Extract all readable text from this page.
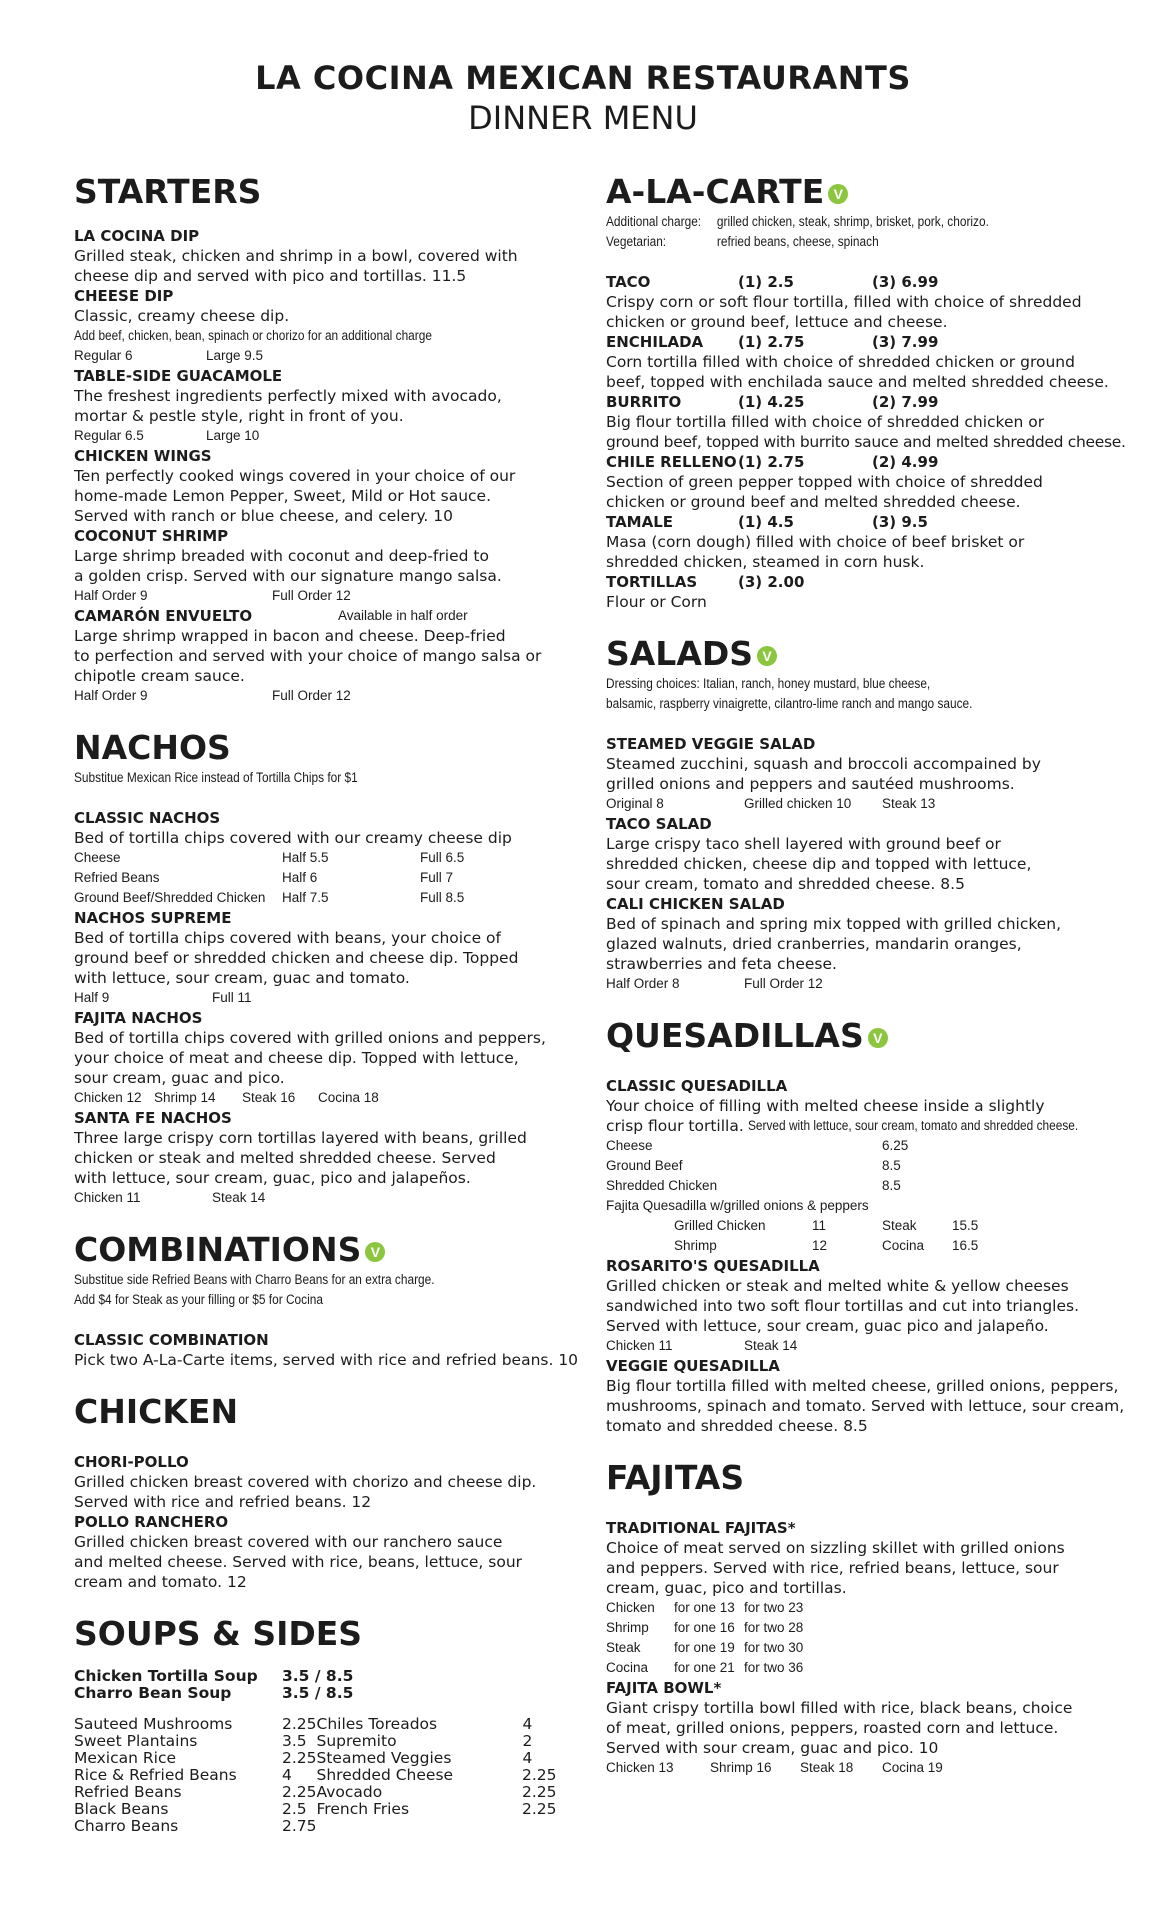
LA COCINA MEXICAN RESTAURANTS
DINNER MENU
STARTERS
LA COCINA DIP
Grilled steak, chicken and shrimp in a bowl, covered with
cheese dip and served with pico and tortillas. 11.5
CHEESE DIP
Classic, creamy cheese dip.
Add beef, chicken, bean, spinach or chorizo for an additional charge
Regular 6	Large 9.5
TABLE-SIDE GUACAMOLE
The freshest ingredients perfectly mixed with avocado,
mortar & pestle style, right in front of you.
Regular 6.5	Large 10
CHICKEN WINGS
Ten perfectly cooked wings covered in your choice of our
home-made Lemon Pepper, Sweet, Mild or Hot sauce.
Served with ranch or blue cheese, and celery. 10
COCONUT SHRIMP
Large shrimp breaded with coconut and deep-fried to
a golden crisp. Served with our signature mango salsa.
Half Order 9	Full Order 12
CAMARÓN ENVUELTO	Available in half order
Large shrimp wrapped in bacon and cheese. Deep-fried
to perfection and served with your choice of mango salsa or
chipotle cream sauce.
Half Order 9	Full Order 12
NACHOS
Substitue Mexican Rice instead of Tortilla Chips for $1
CLASSIC NACHOS
Bed of tortilla chips covered with our creamy cheese dip
Cheese	Half 5.5	Full 6.5
Refried Beans	Half 6	Full 7
Ground Beef/Shredded Chicken	Half 7.5	Full 8.5
NACHOS SUPREME
Bed of tortilla chips covered with beans, your choice of
ground beef or shredded chicken and cheese dip. Topped
with lettuce, sour cream, guac and tomato.
Half 9	Full 11
FAJITA NACHOS
Bed of tortilla chips covered with grilled onions and peppers,
your choice of meat and cheese dip. Topped with lettuce,
sour cream, guac and pico.
Chicken 12 Shrimp 14	Steak 16	Cocina 18
SANTA FE NACHOS
Three large crispy corn tortillas layered with beans, grilled
chicken or steak and melted shredded cheese. Served
with lettuce, sour cream, guac, pico and jalapeños.
Chicken 11	Steak 14
COMBINATIONS V
Substitue side Refried Beans with Charro Beans for an extra charge.
Add $4 for Steak as your filling or $5 for Cocina
CLASSIC COMBINATION
Pick two A-La-Carte items, served with rice and refried beans. 10
CHICKEN
CHORI-POLLO
Grilled chicken breast covered with chorizo and cheese dip.
Served with rice and refried beans. 12
POLLO RANCHERO
Grilled chicken breast covered with our ranchero sauce
and melted cheese. Served with rice, beans, lettuce, sour
cream and tomato. 12
SOUPS & SIDES
Chicken Tortilla Soup	3.5 / 8.5
Charro Bean Soup	3.5 / 8.5
Sauteed Mushrooms	2.25
Sweet Plantains	3.5
Mexican Rice	2.25
Rice & Refried Beans	4
Refried Beans	2.25
Black Beans	2.5
Charro Beans	2.75
Chiles Toreados	4
Supremito	2
Steamed Veggies	4
Shredded Cheese	2.25
Avocado	2.25
French Fries	2.25
A-LA-CARTE V
Additional charge:	grilled chicken, steak, shrimp, brisket, pork, chorizo.
Vegetarian:	refried beans, cheese, spinach
TACO	(1) 2.5	(3) 6.99
Crispy corn or soft flour tortilla, filled with choice of shredded
chicken or ground beef, lettuce and cheese.
ENCHILADA	(1) 2.75	(3) 7.99
Corn tortilla filled with choice of shredded chicken or ground
beef, topped with enchilada sauce and melted shredded cheese.
BURRITO	(1) 4.25	(2) 7.99
Big flour tortilla filled with choice of shredded chicken or
ground beef, topped with burrito sauce and melted shredded cheese.
CHILE RELLENO (1) 2.75	(2) 4.99
Section of green pepper topped with choice of shredded
chicken or ground beef and melted shredded cheese.
TAMALE	(1) 4.5	(3) 9.5
Masa (corn dough) filled with choice of beef brisket or
shredded chicken, steamed in corn husk.
TORTILLAS	(3) 2.00
Flour or Corn
SALADS V
Dressing choices: Italian, ranch, honey mustard, blue cheese,
balsamic, raspberry vinaigrette, cilantro-lime ranch and mango sauce.
STEAMED VEGGIE SALAD
Steamed zucchini, squash and broccoli accompained by
grilled onions and peppers and sautéed mushrooms.
Original 8	Grilled chicken 10	Steak 13
TACO SALAD
Large crispy taco shell layered with ground beef or
shredded chicken, cheese dip and topped with lettuce,
sour cream, tomato and shredded cheese. 8.5
CALI CHICKEN SALAD
Bed of spinach and spring mix topped with grilled chicken,
glazed walnuts, dried cranberries, mandarin oranges,
strawberries and feta cheese.
Half Order 8	Full Order 12
QUESADILLAS V
CLASSIC QUESADILLA
Your choice of filling with melted cheese inside a slightly
crisp flour tortilla. Served with lettuce, sour cream, tomato and shredded cheese.
Cheese	6.25
Ground Beef	8.5
Shredded Chicken	8.5
Fajita Quesadilla w/grilled onions & peppers
Grilled Chicken	11	Steak	15.5
Shrimp	12	Cocina	16.5
ROSARITO'S QUESADILLA
Grilled chicken or steak and melted white & yellow cheeses
sandwiched into two soft flour tortillas and cut into triangles.
Served with lettuce, sour cream, guac pico and jalapeño.
Chicken 11	Steak 14
VEGGIE QUESADILLA
Big flour tortilla filled with melted cheese, grilled onions, peppers,
mushrooms, spinach and tomato. Served with lettuce, sour cream,
tomato and shredded cheese. 8.5
FAJITAS
TRADITIONAL FAJITAS*
Choice of meat served on sizzling skillet with grilled onions
and peppers. Served with rice, refried beans, lettuce, sour
cream, guac, pico and tortillas.
Chicken	for one 13 for two 23
Shrimp	for one 16 for two 28
Steak	for one 19 for two 30
Cocina	for one 21 for two 36
FAJITA BOWL*
Giant crispy tortilla bowl filled with rice, black beans, choice
of meat, grilled onions, peppers, roasted corn and lettuce.
Served with sour cream, guac and pico. 10
Chicken 13	Shrimp 16	Steak 18	Cocina 19
